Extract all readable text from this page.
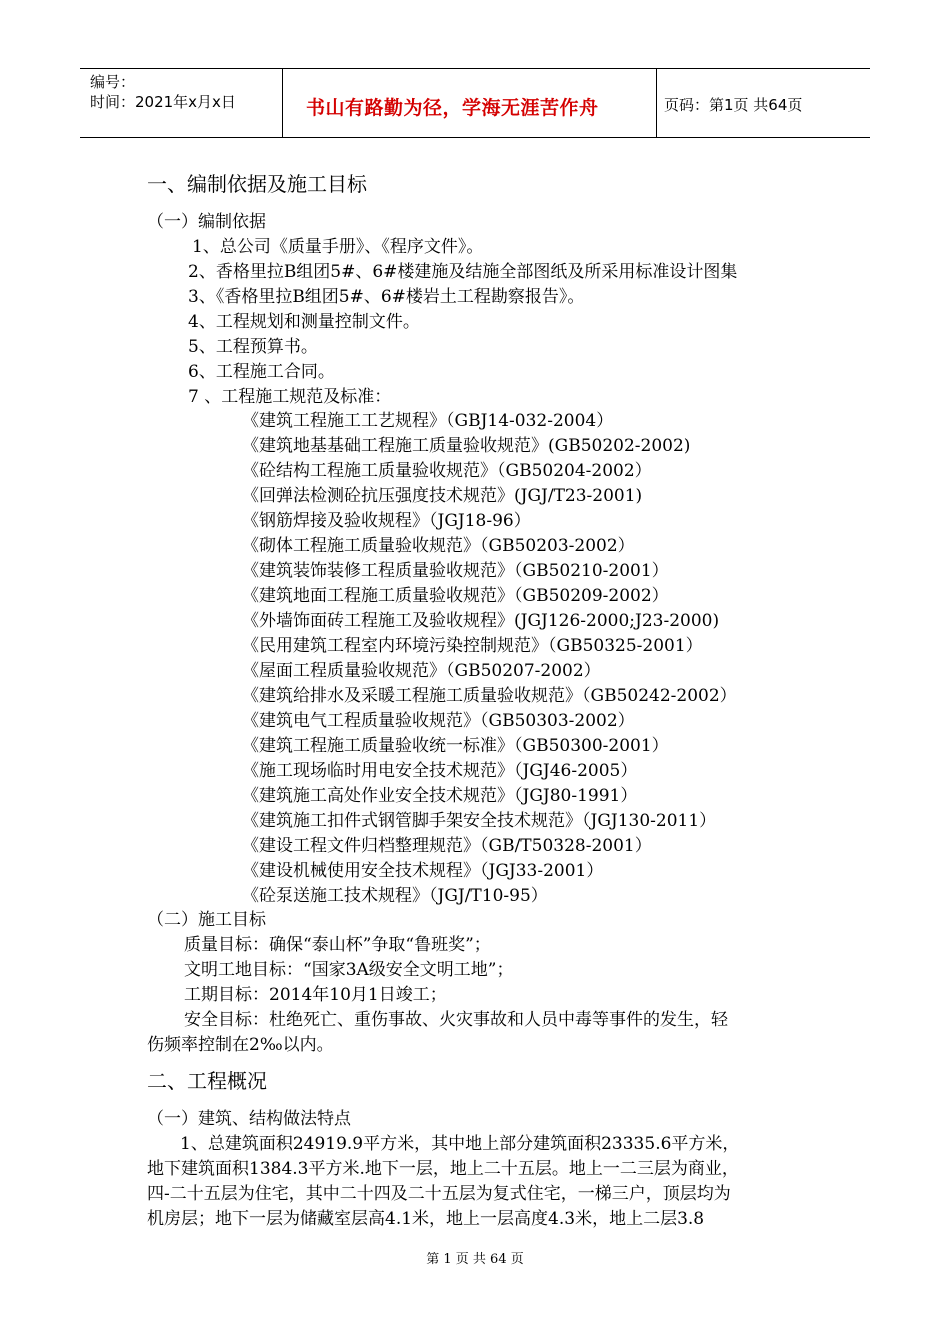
编号：
时间：2021年x月x日	书山有路勤为径，学海无涯苦作舟	页码：第1页 共64页
一、编制依据及施工目标
（一）编制依据
1、总公司《质量手册》、《程序文件》。
2、香格里拉B组团5#、6#楼建施及结施全部图纸及所采用标准设计图集
3、《香格里拉B组团5#、6#楼岩土工程勘察报告》。
4、工程规划和测量控制文件。
5、工程预算书。
6、工程施工合同。
7 、工程施工规范及标准：
《建筑工程施工工艺规程》（GBJ14-032-2004）
《建筑地基基础工程施工质量验收规范》(GB50202-2002)
《砼结构工程施工质量验收规范》（GB50204-2002）
《回弹法检测砼抗压强度技术规范》(JGJ/T23-2001)
《钢筋焊接及验收规程》（JGJ18-96）
《砌体工程施工质量验收规范》（GB50203-2002）
《建筑装饰装修工程质量验收规范》（GB50210-2001）
《建筑地面工程施工质量验收规范》（GB50209-2002）
《外墙饰面砖工程施工及验收规程》(JGJ126-2000;J23-2000)
《民用建筑工程室内环境污染控制规范》（GB50325-2001）
《屋面工程质量验收规范》（GB50207-2002）
《建筑给排水及采暖工程施工质量验收规范》（GB50242-2002）
《建筑电气工程质量验收规范》（GB50303-2002）
《建筑工程施工质量验收统一标准》（GB50300-2001）
《施工现场临时用电安全技术规范》（JGJ46-2005）
《建筑施工高处作业安全技术规范》（JGJ80-1991）
《建筑施工扣件式钢管脚手架安全技术规范》（JGJ130-2011）
《建设工程文件归档整理规范》（GB/T50328-2001）
《建设机械使用安全技术规程》（JGJ33-2001）
《砼泵送施工技术规程》（JGJ/T10-95）
（二）施工目标
质量目标：确保“泰山杯”争取“鲁班奖”；
文明工地目标：“国家3A级安全文明工地”；
工期目标：2014年10月1日竣工；
安全目标：杜绝死亡、重伤事故、火灾事故和人员中毒等事件的发生，轻
伤频率控制在2‰以内。
二、工程概况
（一）建筑、结构做法特点
1、总建筑面积24919.9平方米，其中地上部分建筑面积23335.6平方米，
地下建筑面积1384.3平方米.地下一层，地上二十五层。地上一二三层为商业，
四-二十五层为住宅，其中二十四及二十五层为复式住宅，一梯三户，顶层均为
机房层；地下一层为储藏室层高4.1米，地上一层高度4.3米，地上二层3.8
第 1 页 共 64 页
